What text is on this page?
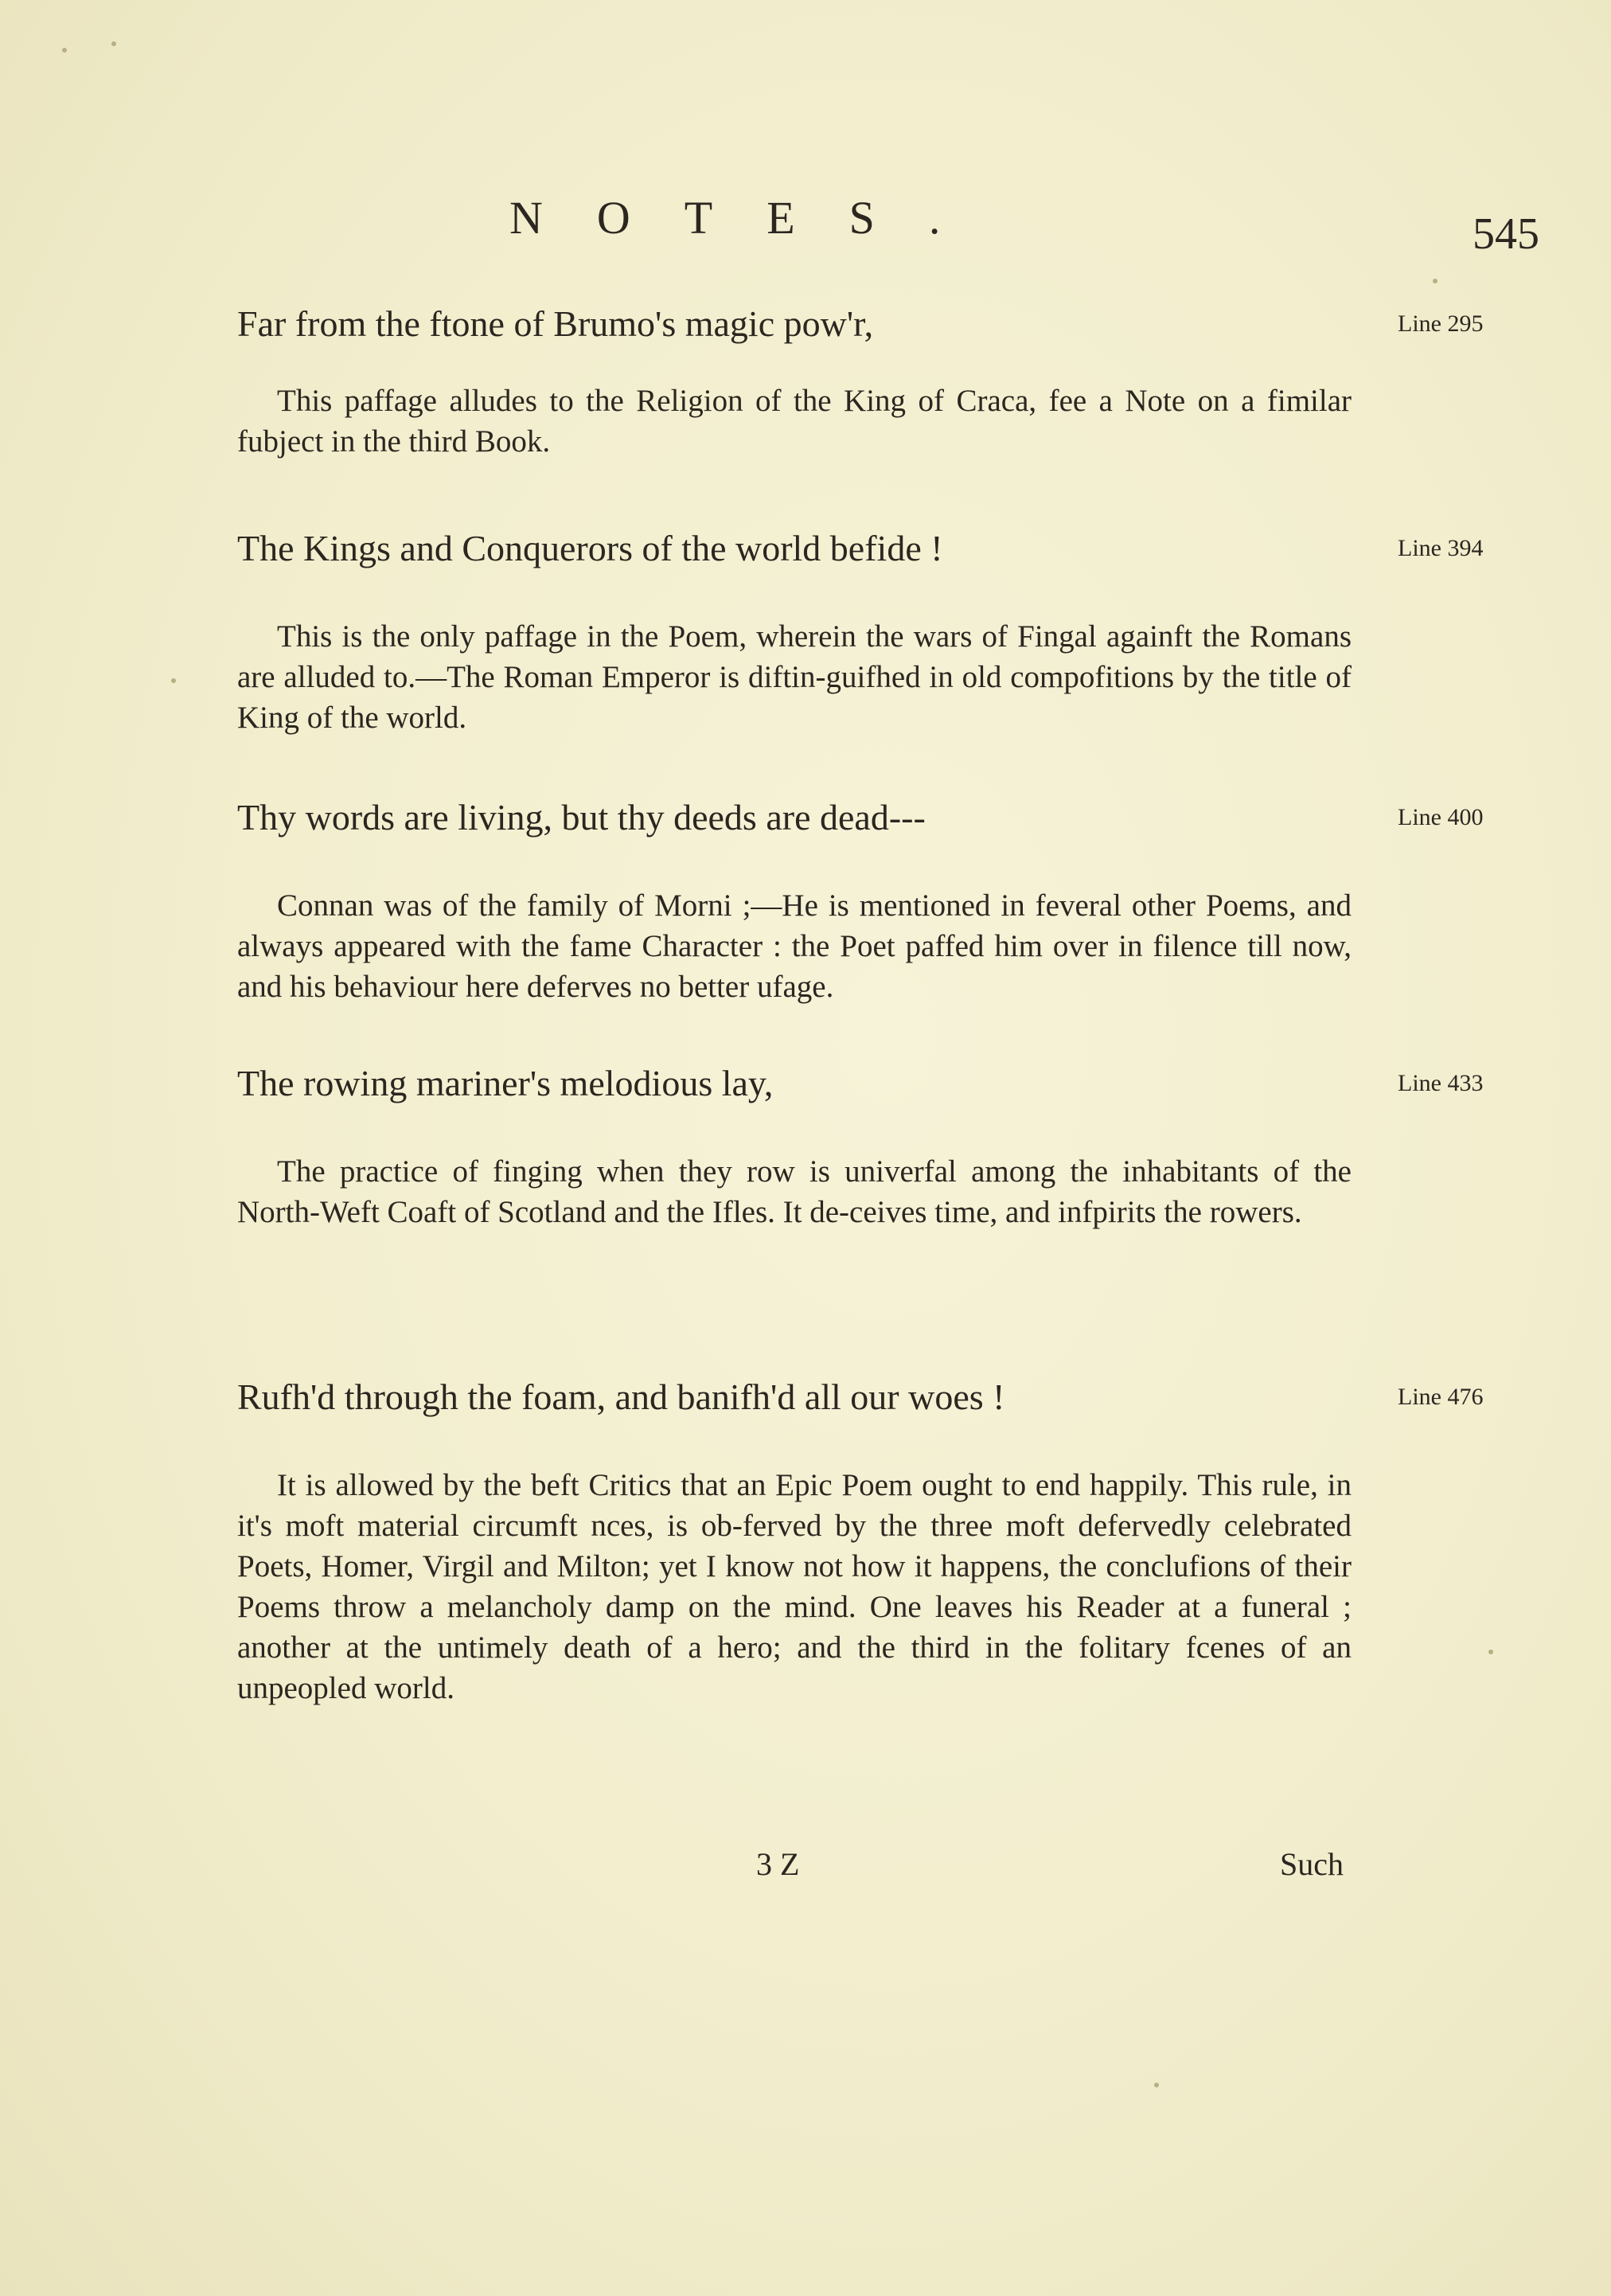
NOTES.	545
Far from the ftone of Brumo's magic pow'r,	Line 295

This paffage alludes to the Religion of the King of Craca, fee a Note on a fimilar fubject in the third Book.

The Kings and Conquerors of the world befide !	Line 394

This is the only paffage in the Poem, wherein the wars of Fingal againft the Romans are alluded to.—The Roman Emperor is diftin-guifhed in old compofitions by the title of King of the world.

Thy words are living, but thy deeds are dead---	Line 400

Connan was of the family of Morni ;—He is mentioned in feveral other Poems, and always appeared with the fame Character : the Poet paffed him over in filence till now, and his behaviour here deferves no better ufage.

The rowing mariner's melodious lay,	Line 433

The practice of finging when they row is univerfal among the inhabitants of the North-Weft Coaft of Scotland and the Ifles. It de-ceives time, and infpirits the rowers.

Rufh'd through the foam, and banifh'd all our woes !	Line 476

It is allowed by the beft Critics that an Epic Poem ought to end happily. This rule, in it's moft material circumft nces, is ob-ferved by the three moft defervedly celebrated Poets, Homer, Virgil and Milton; yet I know not how it happens, the conclufions of their Poems throw a melancholy damp on the mind. One leaves his Reader at a funeral ; another at the untimely death of a hero; and the third in the folitary fcenes of an unpeopled world.

3 Z	Such
